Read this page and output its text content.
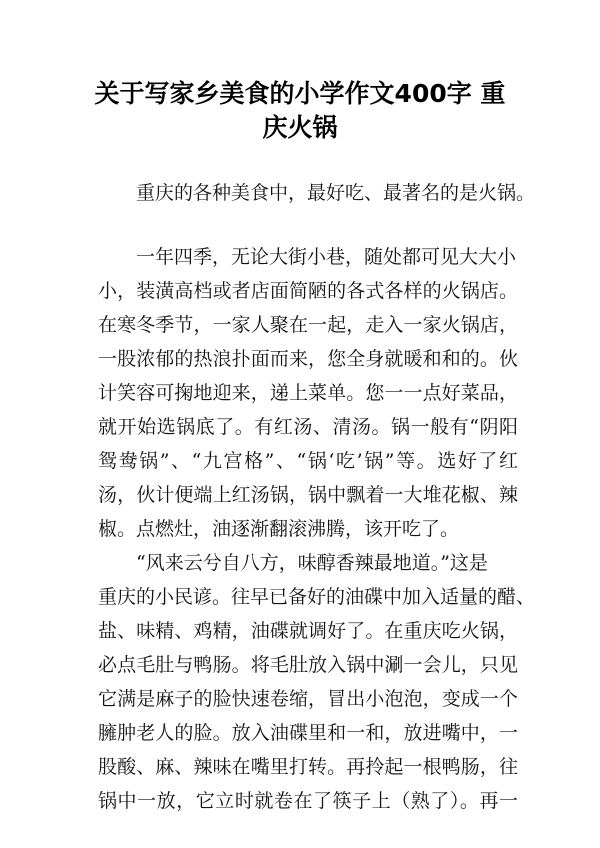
关于写家乡美食的小学作文400字 重
庆火锅

重庆的各种美食中，最好吃、最著名的是火锅。

一年四季，无论大街小巷，随处都可见大大小

小，装潢高档或者店面简陋的各式各样的火锅店。

在寒冬季节，一家人聚在一起，走入一家火锅店，

一股浓郁的热浪扑面而来，您全身就暖和和的。伙

计笑容可掬地迎来，递上菜单。您一一点好菜品，

就开始选锅底了。有红汤、清汤。锅一般有“阴阳

鸳鸯锅”、“九宫格”、“锅‘吃’锅”等。选好了红

汤，伙计便端上红汤锅，锅中飘着一大堆花椒、辣

椒。点燃灶，油逐渐翻滚沸腾，该开吃了。

“风来云兮自八方，味醇香辣最地道。”这是

重庆的小民谚。往早已备好的油碟中加入适量的醋、

盐、味精、鸡精，油碟就调好了。在重庆吃火锅，

必点毛肚与鸭肠。将毛肚放入锅中涮一会儿，只见

它满是麻子的脸快速卷缩，冒出小泡泡，变成一个

臃肿老人的脸。放入油碟里和一和，放进嘴中，一

股酸、麻、辣味在嘴里打转。再拎起一根鸭肠，往

锅中一放，它立时就卷在了筷子上（熟了）。再一
